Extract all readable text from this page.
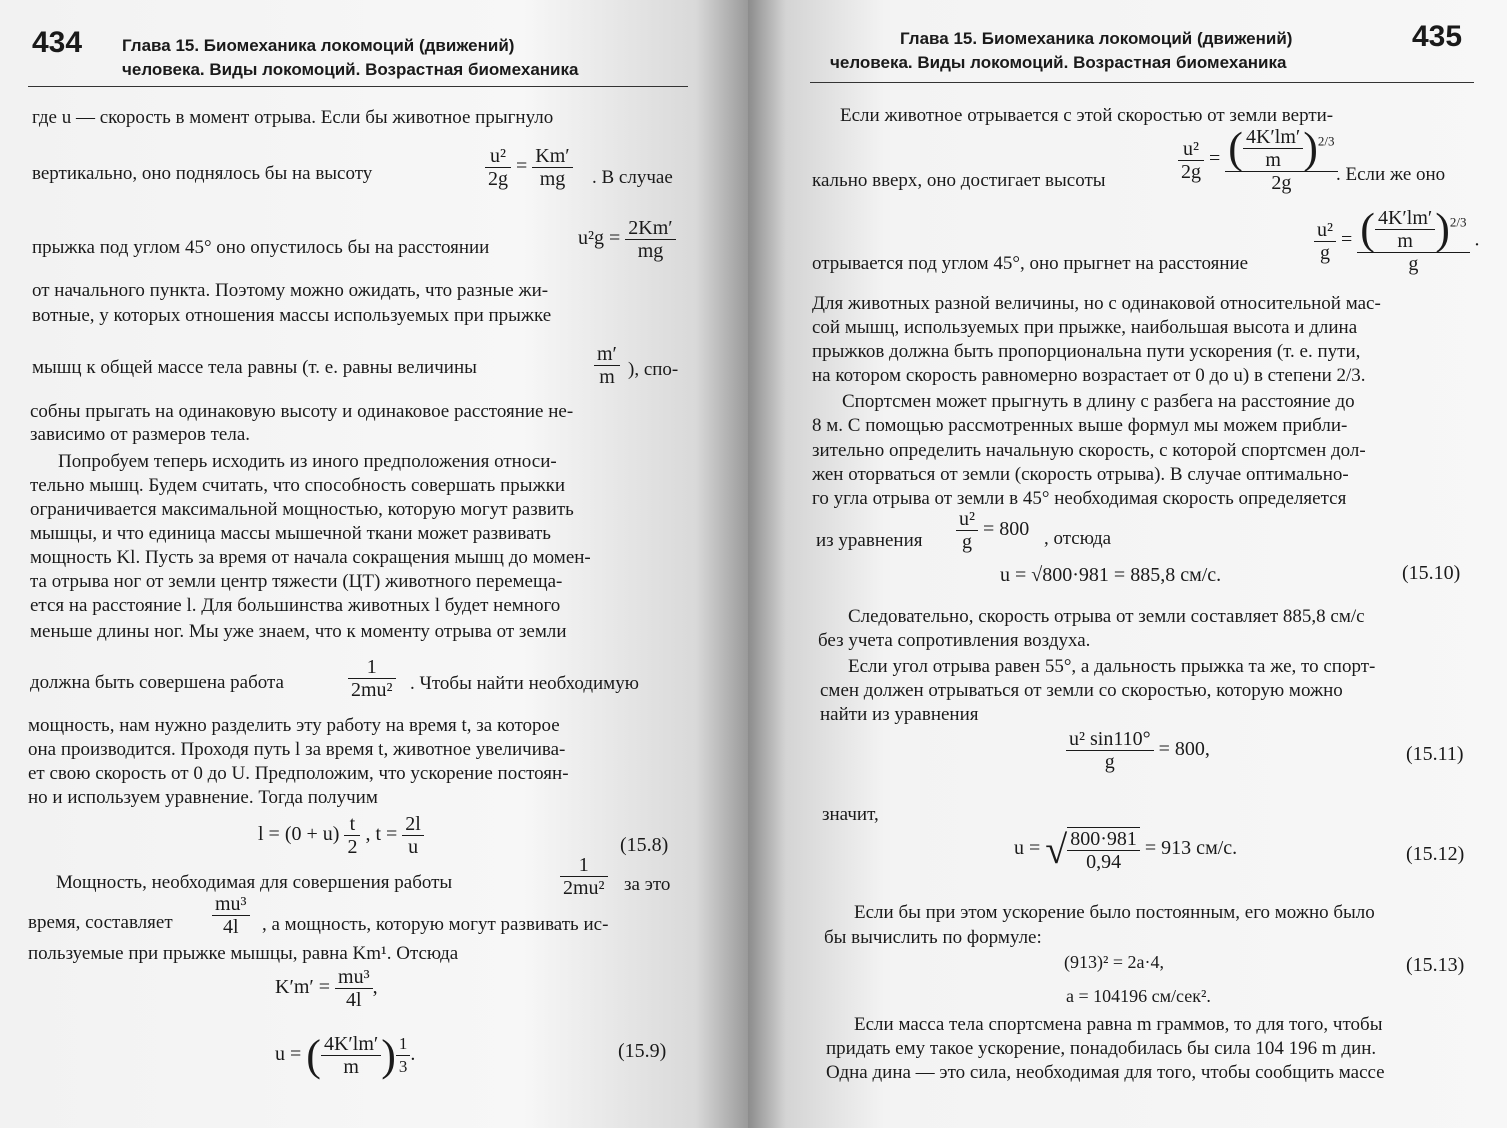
434 Глава 15. Биомеханика локомоций (движений)
человека. Виды локомоций. Возрастная биомеханика
где u — скорость в момент отрыва. Если бы животное прыгнуло
вертикально, оно поднялось бы на высоту	$\frac{\text{u²}}{2g} = \frac{Km'}{mg}$ . В случае
прыжка под углом 45° оно опустилось бы на расстоянии	$u^2g = \frac{2Km'}{mg}$
от начального пункта. Поэтому можно ожидать, что разные жи-
вотные, у которых отношения массы используемых при прыжке
мышц к общей массе тела равны (т. е. равны величины	$\frac{m'}{m}$ ), спо-
собны прыгать на одинаковую высоту и одинаковое расстояние не-
зависимо от размеров тела.
Попробуем теперь исходить из иного предположения относи-
тельно мышц. Будем считать, что способность совершать прыжки
ограничивается максимальной мощностью, которую могут развить
мышцы, и что единица массы мышечной ткани может развивать
мощность Kl. Пусть за время от начала сокращения мышц до момен-
та отрыва ног от земли центр тяжести (ЦТ) животного перемеща-
ется на расстояние l. Для большинства животных l будет немного
меньше длины ног. Мы уже знаем, что к моменту отрыва от земли
должна быть совершена работа	$\frac{1}{\text{2mu²}}$ . Чтобы найти необходимую
мощность, нам нужно разделить эту работу на время t, за которое
она производится. Проходя путь l за время t, животное увеличива-
ет свою скорость от 0 до U. Предположим, что ускорение постоян-
но и используем уравнение. Тогда получим
$l = (0 + u) \frac{t}{2}$ , $t = \frac{2l}{u}$	(15.8)
Мощность, необходимая для совершения работы	$\frac{1}{\text{2mu²}}$ за это
время, составляет $\frac{\text{mu³}}{4l}$ , а мощность, которую могут развивать ис-
пользуемые при прыжке мышцы, равна Km¹. Отсюда
$K'm' = \frac{\text{mu³}}{4l}$ ,
u = ( $\frac{4K'lm'}{m}$ ) $\frac{1}{3}$ .	(15.9)
Глава 15. Биомеханика локомоций (движений)
человека. Виды локомоций. Возрастная биомеханика
435
Если животное отрывается с этой скоростью от земли верти-
кально вверх, оно достигает высоты	$\frac{\text{u²}}{2g} = \frac{( \frac{4K'lm'}{m} )^{2/3}}{2g}$
. Если же оно
отрывается под углом 45°, оно прыгнет на расстояние	$\frac{\text{u²}}{g} = \frac{( \frac{4K'lm'}{m} )^{2/3}}{g}$ .
Для животных разной величины, но с одинаковой относительной мас-
сой мышц, используемых при прыжке, наибольшая высота и длина
прыжков должна быть пропорциональна пути ускорения (т. е. пути,
на котором скорость равномерно возрастает от 0 до u) в степени 2/3.
Спортсмен может прыгнуть в длину с разбега на расстояние до
8 м. С помощью рассмотренных выше формул мы можем прибли-
зительно определить начальную скорость, с которой спортсмен дол-
жен оторваться от земли (скорость отрыва). В случае оптимально-
го угла отрыва от земли в 45° необходимая скорость определяется
из уравнения $\frac{\text{u²}}{g} = 800$ , отсюда
u = √800·981 = 885,8 см/с.	(15.10)
Следовательно, скорость отрыва от земли составляет 885,8 см/с
без учета сопротивления воздуха.
Если угол отрыва равен 55°, а дальность прыжка та же, то спорт-
смен должен отрываться от земли со скоростью, которую можно
найти из уравнения
$\frac{\text{u² sin110°}}{g} = 800$,	(15.11)
значит,
u = √ $\frac{800\cdot 981}{0,94} = 913$ см/с.	(15.12)
Если бы при этом ускорение было постоянным, его можно было
бы вычислить по формуле:
(913)² = 2a·4,	(15.13)
a = 104196 см/сек².
Если масса тела спортсмена равна m граммов, то для того, чтобы
придать ему такое ускорение, понадобилась бы сила 104 196 m дин.
Одна дина — это сила, необходимая для того, чтобы сообщить массе
